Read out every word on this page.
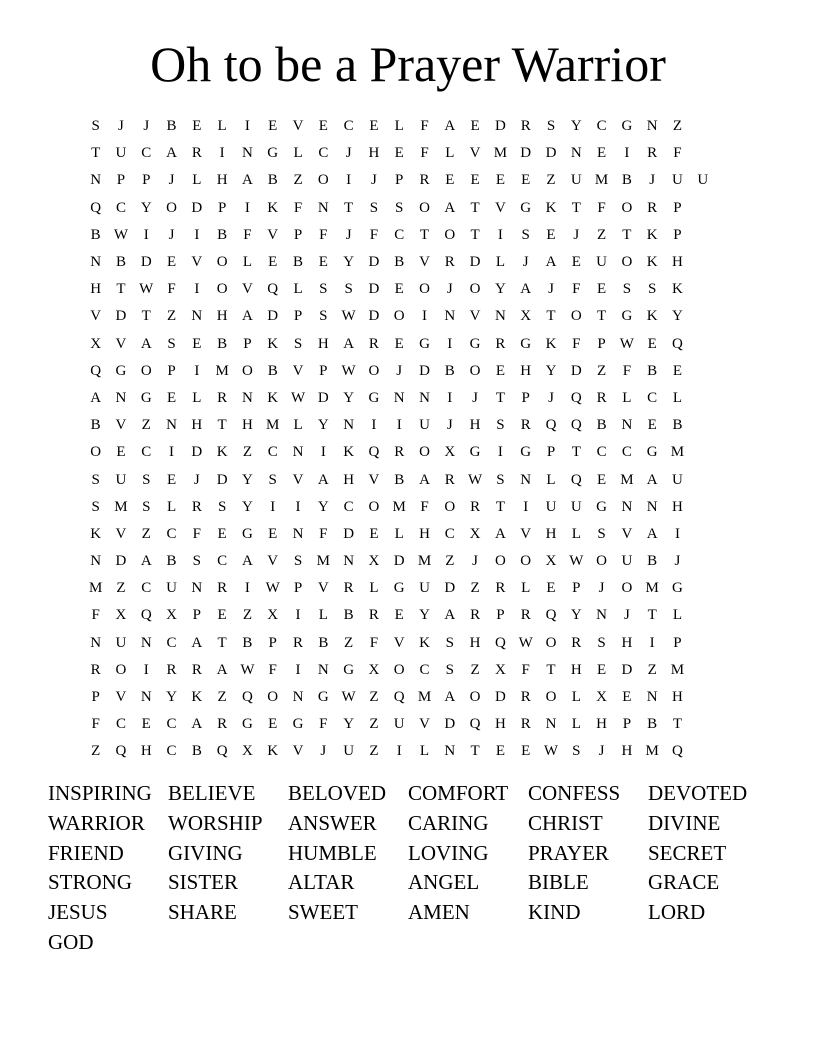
Oh to be a Prayer Warrior
S	J	J	B	E	L	I	E	V	E	C	E	L	F	A	E	D R	S	Y C G N	Z
T	U C A R	I	N G	L	C	J	H	E	F	L	V M D D N	E	I	R	F
N	P	P	J	L	H A B	Z	O	I	J	P	R	E	E	E	E	Z	U M B	J	U U
Q C Y O D	P	I	K	F	N	T	S	S	O A	T	V G K	T	F	O R	P
B W	I	J	I	B	F	V	P	F	J	F	C	T	O	T	I	S	E	J	Z	T	K	P
N B D	E	V O	L	E	B	E	Y D B V R D	L	J	A	E	U O K H
H	T W F	I	O V Q	L	S	S	D	E	O	J	O Y A	J	F	E	S	S	K
V D	T	Z	N H A D	P	S W D O	I	N V N X	T	O	T	G K Y
X V A	S	E	B	P	K	S	H A R	E	G	I	G R G K	F	P W E	Q
Q G O	P	I	M O B V	P W O	J	D B O	E	H Y D	Z	F	B	E
A N G	E	L	R N K W D Y G N N	I	J	T	P	J	Q R	L	C	L
B V	Z	N H	T	H M L	Y N	I	I	U	J	H	S	R Q Q B N	E	B
O	E	C	I	D K	Z	C N	I	K Q R O X G	I	G	P	T	C	C G M
S	U	S	E	J	D Y	S	V A H V B A R W S	N	L	Q	E M A U
S M S	L	R	S	Y	I	I	Y C O M F	O R	T	I	U U G N N H
K V	Z	C	F	E	G	E	N	F	D	E	L	H C X A V H	L	S	V A	I
N D A B	S	C A V	S M N X D M Z	J	O O X W O U B	J
M Z	C U N R	I	W P	V R	L	G U D	Z	R	L	E	P	J	O M G
F	X Q X	P	E	Z	X	I	L	B	R	E	Y A R	P	R Q Y N	J	T	L
N U N C A	T	B	P	R	B	Z	F	V K	S	H Q W O R	S	H	I	P
R O	I	R	R A W F	I	N G X O C	S	Z	X	F	T	H	E	D	Z M
P	V N Y K	Z	Q O N G W Z	Q M A O D R O	L	X	E	N H
F	C	E	C A R G	E	G	F	Y	Z	U V D Q H R N	L	H	P	B	T
Z	Q H C	B Q X K V	J	U	Z	I	L	N	T	E	E W S	J	H M Q
INSPIRING BELIEVE	BELOVED	COMFORT CONFESS	DEVOTED
WARRIOR	WORSHIP	ANSWER	CARING	CHRIST	DIVINE
FRIEND	GIVING	HUMBLE	LOVING	PRAYER	SECRET
STRONG	SISTER	ALTAR	ANGEL	BIBLE	GRACE
JESUS	SHARE	SWEET	AMEN	KIND	LORD
GOD
